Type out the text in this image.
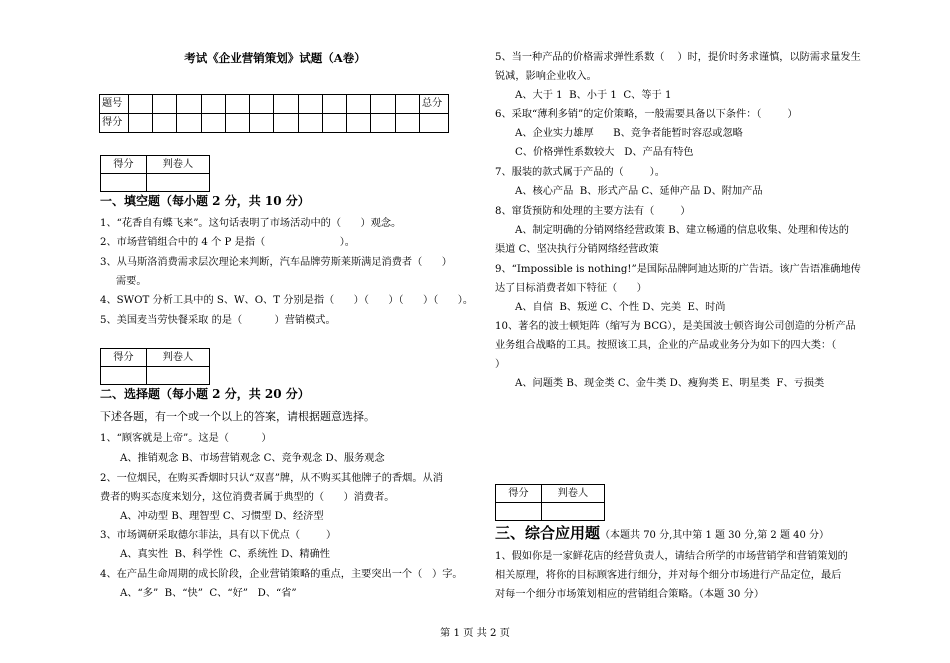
考试《企业营销策划》试题（A卷）
题号													总分
得分													
得分	判卷人

一、填空题（每小题 2 分，共 10 分）
1、“花香自有蝶飞来”。这句话表明了市场活动中的（      ）观念。
2、市场营销组合中的 4 个 P 是指（                       ）。
3、从马斯洛消费需求层次理论来判断，汽车品牌劳斯莱斯满足消费者（      ）
需要。
4、SWOT 分析工具中的 S、W、O、T 分别是指（      ）（      ）（      ）（      ）。
5、美国麦当劳快餐采取 的是（          ）营销模式。
得分	判卷人

二、选择题（每小题 2 分，共 20 分）
下述各题，有一个或一个以上的答案，请根据题意选择。
1、“顾客就是上帝”。这是（          ）
A、推销观念 B、市场营销观念 C、竞争观念 D、服务观念
2、一位烟民，在购买香烟时只认“双喜”牌，从不购买其他牌子的香烟。从消
费者的购买态度来划分，这位消费者属于典型的（      ）消费者。
A、冲动型 B、理智型 C、习惯型 D、经济型
3、市场调研采取德尔菲法，具有以下优点（        ）
A、真实性  B、科学性  C、系统性 D、精确性
4、在产品生命周期的成长阶段，企业营销策略的重点，主要突出一个（   ）字。
A、“多”  B、“快”  C、“好”   D、“省”
5、当一种产品的价格需求弹性系数（    ）时，提价时务求谨慎，以防需求量发生
锐减，影响企业收入。
A、大于 1  B、小于 1  C、等于 1
6、采取“薄利多销”的定价策略，一般需要具备以下条件：（        ）
A、企业实力雄厚      B、竞争者能暂时容忍或忽略
C、价格弹性系数较大   D、产品有特色
7、服装的款式属于产品的（        ）。
A、核心产品  B、形式产品 C、延伸产品 D、附加产品
8、窜货预防和处理的主要方法有（        ）
A、制定明确的分销网络经营政策 B、建立畅通的信息收集、处理和传达的
渠道 C、坚决执行分销网络经营政策
9、“Impossible is nothing!”是国际品牌阿迪达斯的广告语。该广告语准确地传
达了目标消费者如下特征（      ）
A、自信  B、叛逆 C、个性 D、完美  E、时尚
10、著名的波士顿矩阵（缩写为 BCG），是美国波士顿咨询公司创造的分析产品
业务组合战略的工具。按照该工具，企业的产品或业务分为如下的四大类：（
）
A、问题类 B、现金类 C、金牛类 D、瘦狗类 E、明星类  F、亏损类
得分	判卷人

三、综合应用题（本题共 70 分,其中第 1 题 30 分,第 2 题 40 分）
1、假如你是一家鲜花店的经营负责人，请结合所学的市场营销学和营销策划的
相关原理，将你的目标顾客进行细分，并对每个细分市场进行产品定位，最后
对每一个细分市场策划相应的营销组合策略。（本题 30 分）
第 1 页 共 2 页
